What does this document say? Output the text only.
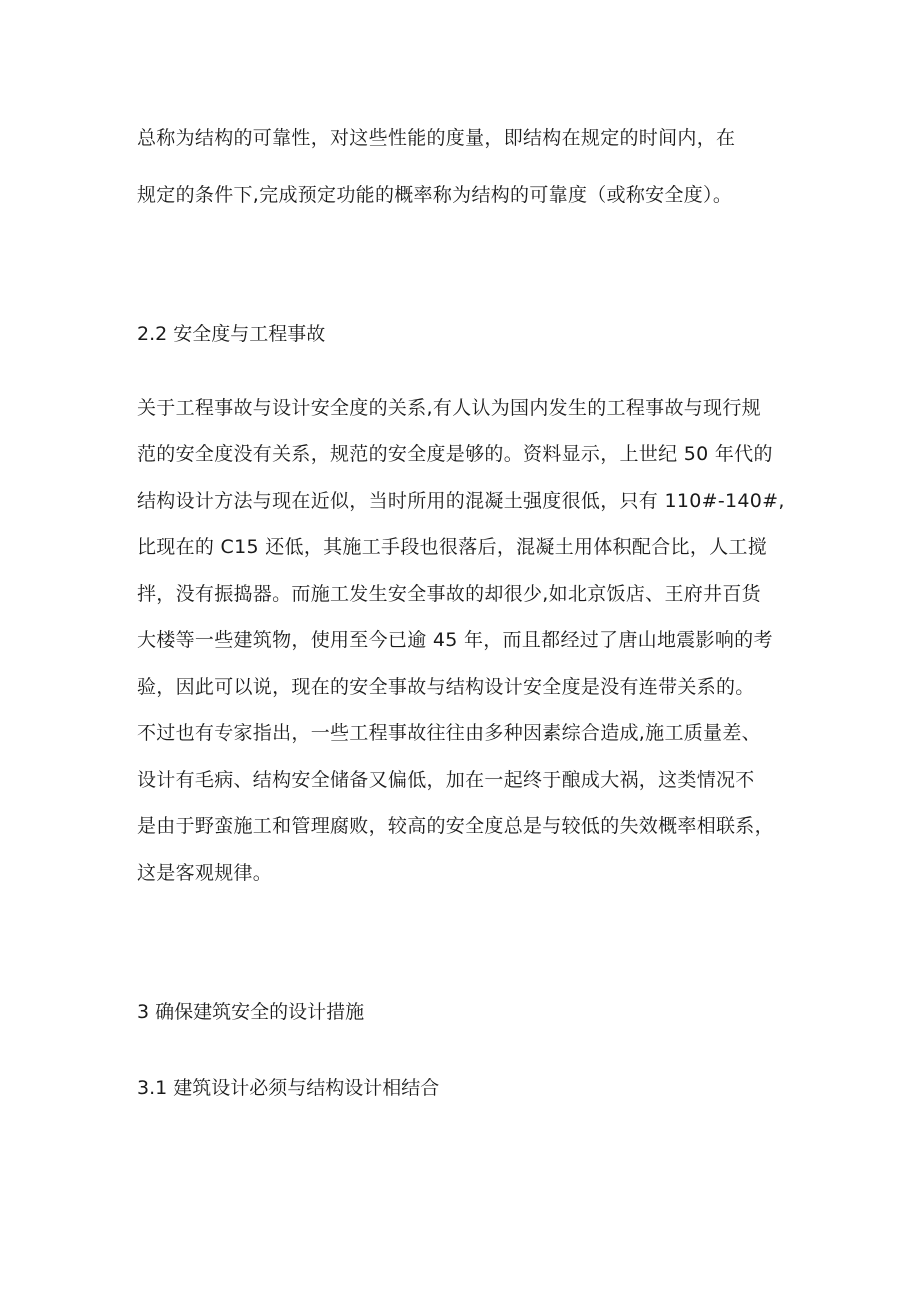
总称为结构的可靠性，对这些性能的度量，即结构在规定的时间内，在
规定的条件下,完成预定功能的概率称为结构的可靠度（或称安全度）。
2.2 安全度与工程事故
关于工程事故与设计安全度的关系,有人认为国内发生的工程事故与现行规
范的安全度没有关系，规范的安全度是够的。资料显示，上世纪 50 年代的
结构设计方法与现在近似，当时所用的混凝土强度很低，只有 110#-140#,
比现在的 C15 还低，其施工手段也很落后，混凝土用体积配合比，人工搅
拌，没有振捣器。而施工发生安全事故的却很少,如北京饭店、王府井百货
大楼等一些建筑物，使用至今已逾 45 年，而且都经过了唐山地震影响的考
验，因此可以说，现在的安全事故与结构设计安全度是没有连带关系的。
不过也有专家指出，一些工程事故往往由多种因素综合造成,施工质量差、
设计有毛病、结构安全储备又偏低，加在一起终于酿成大祸，这类情况不
是由于野蛮施工和管理腐败，较高的安全度总是与较低的失效概率相联系，
这是客观规律。
3 确保建筑安全的设计措施
3.1 建筑设计必须与结构设计相结合
